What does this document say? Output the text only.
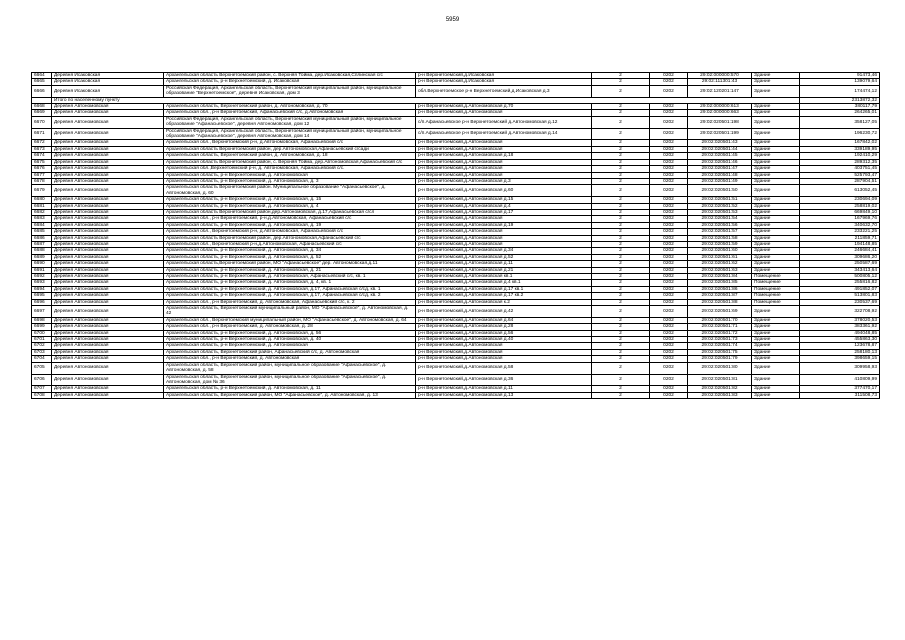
5959
6664	Деревня Исаковская	Архангельская область Верхнетоемский район, с. Верхняя Тойма, дер.Исаковская,Сплинская с/с	р-н Верхнетоемский,д.Исаковская	2	0202	29:02:000000:570	Здание	91473,46
6665	Деревня Исаковская	Архангельская область, р-н Верхнетоемский, д. Исаковская	р-н Верхнетоемский,д.Исаковская	2	0202	29:02:111301:43	Здание	139079,64
6666	Деревня Исаковская	Российская Федерация, Архангельская область, Верхнетоемский муниципальный район, муниципальное образование "Верхнетоемское", деревня Исаковская, дом 3	обл.Верхнетоемское р-н Верхнетоемский,д.Исаковская д.3	2	0202	29:02:120201:147	Здание	174474,12
	Итого по населенному пункту							2313872,32
6668	Деревня Автономовская	Архангельская область, Верхнетоемский район, д. Автономовская, д. 70	р-н Верхнетоемский,д.Автономовская д.70	2	0202	29:02:000000:613	Здание	380117,79
6669	Деревня Автономовская	Архангельская обл., р-н Верхнетоемский, Афанасьевский с/с, д.Автономовская	р-н Верхнетоемский,д.Автономовская	2	0202	29:02:000000:663	Здание	264265,01
6670	Деревня Автономовская	Российская Федерация, Архангельская область, Верхнетоемский муниципальный район, муниципальное образование "Афанасьевское", деревня Автономовская, дом 12	с/п.Афанасьевское р-н Верхнетоемский д.Автономовская д.12	2	0202	29:02:020501:198	Здание	358127,05
6671	Деревня Автономовская	Российская Федерация, Архангельская область, Верхнетоемский муниципальный район, муниципальное образование "Афанасьевское", деревня Автономовская, дом 14	с/п.Афанасьевское р-н Верхнетоемский д.Автономовская д.14	2	0202	29:02:020501:199	Здание	196230,72
6672	Деревня Автономовская	Архангельская обл., Верхнетоемский р-н, д.Автономовская, Афанасьевский с/с	р-н Верхнетоемский,д.Автономовская	2	0202	29:02:020501:43	Здание	167842,02
6673	Деревня Автономовская	Архангельская область Верхнетоемский район, дер.Автономовская,Афанасьевский с/сади	р-н Верхнетоемский,д.Автономовская	2	0202	29:02:020501:44	Здание	339189,95
6674	Деревня Автономовская	Архангельская область, Верхнетоемский район, д. Автономовская, д. 18	р-н Верхнетоемский,д.Автономовская д.18	2	0202	29:02:020501:45	Здание	192410,29
6675	Деревня Автономовская	Архангельская область Верхнетоемский район, с. Верхняя Тойма, дер.Автономовская,Афанасьевский с/с	р-н Верхнетоемский,д.Автономовская	2	0202	29:02:020501:46	Здание	289312,35
6676	Деревня Автономовская	Архангельская обл.,Верхнетоемский р-н, д. Автономовская, Афанасьевский с/с.	р-н Верхнетоемский,д.Автономовская	2	0202	29:02:020501:47	Здание	403751,45
6677	Деревня Автономовская	Архангельская область, р-н Верхнетоемский, д. Автономовская	р-н Верхнетоемский,д.Автономовская	2	0202	29:02:020501:48	Здание	525793,47
6678	Деревня Автономовская	Архангельская область, р-н Верхнетоемский, д. Автономовская, д. 3	р-н Верхнетоемский,д.Автономовская д.3	2	0202	29:02:020501:49	Здание	287904,51
6679	Деревня Автономовская	Архангельская область Верхнетоемский район. Муниципальное образование "Афанасьевское", д. Автономовская, д. 60	р-н Верхнетоемский,д.Автономовская д.60	2	0202	29:02:020501:50	Здание	613052,45
6680	Деревня Автономовская	Архангельская область, р-н Верхнетоемский, д. Автономовская, д. 15	р-н Верхнетоемский,д.Автономовская д.15	2	0202	29:02:020501:51	Здание	230694,09
6681	Деревня Автономовская	Архангельская область, р-н Верхнетоемский, д. Автономовская, д. 4	р-н Верхнетоемский,д.Автономовская д.4	2	0202	29:02:020501:52	Здание	258819,02
6682	Деревня Автономовская	Архангельская область Верхнетоемский район,дер.Автономовская, д.17,Афанасьевская с/сл	р-н Верхнетоемский,д.Автономовская д.17	2	0202	29:02:020501:53	Здание	669849,10
6683	Деревня Автономовская	Архангельская обл., р-н Верхнетоемский, р-н,д.Автономовская, Афанасьевский с/с	р-н Верхнетоемский,д.Автономовская	2	0202	29:02:020501:54	Здание	167969,76
6684	Деревня Автономовская	Архангельская область, р-н Верхнетоемский, д. Автономовская, д. 19	р-н Верхнетоемский,д.Автономовская д.19	2	0202	29:02:020501:56	Здание	340632,70
6685	Деревня Автономовская	Архангельская обл., Верхнетоемский р-н, д.Автономовская, Афанасьевский с/с	р-н Верхнетоемский,д.Автономовская	2	0202	29:02:020501:57	Здание	233221,25
6686	Деревня Автономовская	Архангельская область Верхнетоемский район, дер.Автономовская,Афанасьевский с/с	р-н Верхнетоемский,д.Автономовская	2	0202	29:02:020501:58	Здание	211859,71
6687	Деревня Автономовская	Архангельская обл., Верхнетоемский р-н,д.Автономовская, Афанасьевский с/с	р-н Верхнетоемский,д.Автономовская	2	0202	29:02:020501:59	Здание	194148,85
6688	Деревня Автономовская	Архангельская область, р-н Верхнетоемский, д. Автономовская, д. 34	р-н Верхнетоемский,д.Автономовская д.34	2	0202	29:02:020501:60	Здание	246684,41
6689	Деревня Автономовская	Архангельская область, р-н Верхнетоемский, д. Автономовская, д. 52	р-н Верхнетоемский,д.Автономовская д.52	2	0202	29:02:020501:61	Здание	309686,20
6690	Деревня Автономовская	Архангельская область,Верхнетоемский район, МО "Афанасьевское" дер. Автономовская,д.11	р-н Верхнетоемский,д.Автономовская д.11	2	0202	29:02:020501:62	Здание	250587,69
6691	Деревня Автономовская	Архангельская область, р-н Верхнетоемский, д. Автономовская, д. 21	р-н Верхнетоемский,д.Автономовская д.21	2	0202	29:02:020501:63	Здание	343413,64
6692	Деревня Автономовская	Архангельская область, р-н Верхнетоемский, д. Автономовская, Афанасьевский с/с, кв. 1	р-н Верхнетоемский,д.Автономовская кв.1	2	0202	29:02:020501:84	Помещение	500805,12
6693	Деревня Автономовская	Архангельская область, р-н Верхнетоемский, д. Автономовская, д. 4, кв. 1	р-н Верхнетоемский,д.Автономовская д.4 кв.1	2	0202	29:02:020501:85	Помещение	255816,82
6694	Деревня Автономовская	Архангельская область, р-н Верхнетоемский, д. Автономовская, д.17, Афанасьевская с/сд, кв. 1	р-н Верхнетоемский,д.Автономовская д.17 кв.1	2	0202	29:02:020501:86	Помещение	491852,07
6695	Деревня Автономовская	Архангельская область, р-н Верхнетоемский, д. Автономовская, д.17, Афанасьевская с/сд, кв. 2	р-н Верхнетоемский,д.Автономовская д.17 кв.2	2	0202	29:02:020501:87	Помещение	513801,83
6696	Деревня Автономовская	Архангельская обл., р-н Верхнетоемский, д. Автономовская, Афанасьевский с/с, к. 2	р-н Верхнетоемский,д.Автономовская к.2	2	0202	29:02:020501:88	Помещение	230537,69
6697	Деревня Автономовская	Архангельская область, Верхнетоемский муниципальный район, МО "Афанасьевское", д. Автономовская, д. 42	р-н Верхнетоемский,д.Автономовская д.42	2	0202	29:02:020501:69	Здание	322708,92
6698	Деревня Автономовская	Архангельская обл., Верхнетоемский муниципальный район, МО "Афанасьевское", д. Автономовская, д. 64	р-н Верхнетоемский,д.Автономовская д.64	2	0202	29:02:020501:70	Здание	378020,53
6699	Деревня Автономовская	Архангельская обл., р-н Верхнетоемский, д. Автономовская, д. 28	р-н Верхнетоемский,д.Автономовская д.28	2	0202	29:02:020501:71	Здание	383361,92
6700	Деревня Автономовская	Архангельская область, р-н Верхнетоемский, д. Автономовская, д. 56	р-н Верхнетоемский,д.Автономовская д.56	2	0202	29:02:020501:72	Здание	494048,85
6701	Деревня Автономовская	Архангельская область, р-н Верхнетоемский, д. Автономовская, д. 40	р-н Верхнетоемский,д.Автономовская д.40	2	0202	29:02:020501:73	Здание	455863,30
6702	Деревня Автономовская	Архангельская область, р-н Верхнетоемский, д. Автономовская	р-н Верхнетоемский,д.Автономовская	2	0202	29:02:020501:74	Здание	123678,87
6703	Деревня Автономовская	Архангельская область, Верхнетоемский район, Афанасьевский с/с, д. Автономовская	р-н Верхнетоемский,д.Автономовская	2	0202	29:02:020501:75	Здание	258180,13
6704	Деревня Автономовская	Архангельская обл., р-н Верхнетоемский, д. Автономовская	р-н Верхнетоемский,д.Автономовская	2	0202	29:02:020501:79	Здание	398659,15
6705	Деревня Автономовская	Архангельская область, Верхнетоемский район, муниципальное образование "Афанасьевское", д. Автономовская, д. 58	р-н Верхнетоемский,д.Автономовская д.58	2	0202	29:02:020501:80	Здание	309958,93
6706	Деревня Автономовская	Архангельская область, Верхнетоемский район, муниципальное образование "Афанасьевское", д. Автономовская, дом № 36	р-н Верхнетоемский,д.Автономовская д.36	2	0202	29:02:020501:81	Здание	410809,99
6707	Деревня Автономовская	Архангельская область, р-н Верхнетоемский, д. Автономовская, д. 11	р-н Верхнетоемский,д.Автономовская д.11	2	0202	29:02:020501:82	Здание	377470,17
6708	Деревня Автономовская	Архангельская область, Верхнетоемский район, МО "Афанасьевское", д. Автономовская, д. 13	р-н Верхнетоемский,д.Автономовская д.13	2	0202	29:02:020501:83	Здание	311508,73
